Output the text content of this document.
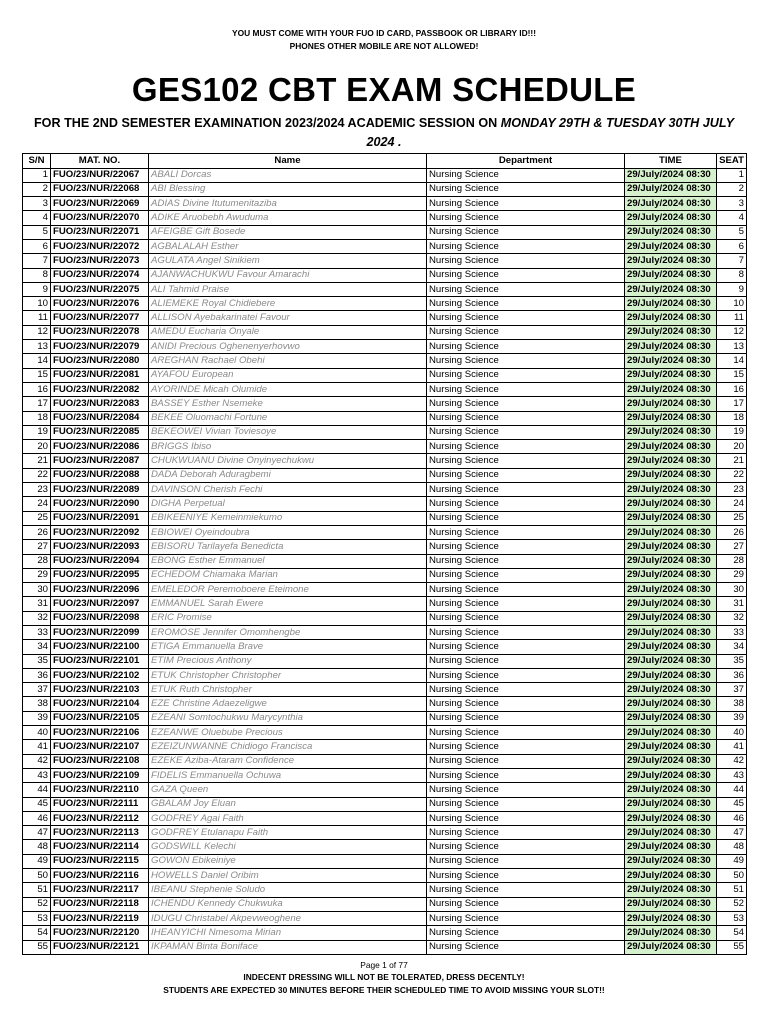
YOU MUST COME WITH YOUR FUO ID CARD, PASSBOOK OR LIBRARY ID!!!
PHONES OTHER MOBILE ARE NOT ALLOWED!
GES102 CBT EXAM SCHEDULE
FOR THE 2ND SEMESTER EXAMINATION 2023/2024 ACADEMIC SESSION ON MONDAY 29TH & TUESDAY 30TH JULY 2024 .
S/N	MAT. NO.	Name	Department	TIME	SEAT
1	FUO/23/NUR/22067	ABALI Dorcas	Nursing Science	29/July/2024 08:30	1
2	FUO/23/NUR/22068	ABI Blessing	Nursing Science	29/July/2024 08:30	2
3	FUO/23/NUR/22069	ADIAS Divine Itutumenitaziba	Nursing Science	29/July/2024 08:30	3
4	FUO/23/NUR/22070	ADIKE Aruobebh Awuduma	Nursing Science	29/July/2024 08:30	4
5	FUO/23/NUR/22071	AFEIGBE Gift Bosede	Nursing Science	29/July/2024 08:30	5
6	FUO/23/NUR/22072	AGBALALAH Esther	Nursing Science	29/July/2024 08:30	6
7	FUO/23/NUR/22073	AGULATA Angel Sinikiem	Nursing Science	29/July/2024 08:30	7
8	FUO/23/NUR/22074	AJANWACHUKWU Favour Amarachi	Nursing Science	29/July/2024 08:30	8
9	FUO/23/NUR/22075	ALI Tahmid Praise	Nursing Science	29/July/2024 08:30	9
10	FUO/23/NUR/22076	ALIEMEKE Royal Chidiebere	Nursing Science	29/July/2024 08:30	10
11	FUO/23/NUR/22077	ALLISON Ayebakarinatei Favour	Nursing Science	29/July/2024 08:30	11
12	FUO/23/NUR/22078	AMEDU Eucharia Onyale	Nursing Science	29/July/2024 08:30	12
13	FUO/23/NUR/22079	ANIDI Precious Oghenenyerhovwo	Nursing Science	29/July/2024 08:30	13
14	FUO/23/NUR/22080	AREGHAN Rachael Obehi	Nursing Science	29/July/2024 08:30	14
15	FUO/23/NUR/22081	AYAFOU European	Nursing Science	29/July/2024 08:30	15
16	FUO/23/NUR/22082	AYORINDE Micah Olumide	Nursing Science	29/July/2024 08:30	16
17	FUO/23/NUR/22083	BASSEY Esther Nsemeke	Nursing Science	29/July/2024 08:30	17
18	FUO/23/NUR/22084	BEKEE Oluomachi Fortune	Nursing Science	29/July/2024 08:30	18
19	FUO/23/NUR/22085	BEKEOWEI Vivian Toviesoye	Nursing Science	29/July/2024 08:30	19
20	FUO/23/NUR/22086	BRIGGS Ibiso	Nursing Science	29/July/2024 08:30	20
21	FUO/23/NUR/22087	CHUKWUANU Divine Onyinyechukwu	Nursing Science	29/July/2024 08:30	21
22	FUO/23/NUR/22088	DADA Deborah Aduragbemi	Nursing Science	29/July/2024 08:30	22
23	FUO/23/NUR/22089	DAVINSON Cherish Fechi	Nursing Science	29/July/2024 08:30	23
24	FUO/23/NUR/22090	DIGHA Perpetual	Nursing Science	29/July/2024 08:30	24
25	FUO/23/NUR/22091	EBIKEENIYE Kemeinmiekumo	Nursing Science	29/July/2024 08:30	25
26	FUO/23/NUR/22092	EBIOWEI Oyeindoubra	Nursing Science	29/July/2024 08:30	26
27	FUO/23/NUR/22093	EBISORU Tarilayefa Benedicta	Nursing Science	29/July/2024 08:30	27
28	FUO/23/NUR/22094	EBONG Esther Emmanuel	Nursing Science	29/July/2024 08:30	28
29	FUO/23/NUR/22095	ECHEDOM Chiamaka Marian	Nursing Science	29/July/2024 08:30	29
30	FUO/23/NUR/22096	EMELEDOR Peremoboere Eteimone	Nursing Science	29/July/2024 08:30	30
31	FUO/23/NUR/22097	EMMANUEL Sarah Ewere	Nursing Science	29/July/2024 08:30	31
32	FUO/23/NUR/22098	ERIC Promise	Nursing Science	29/July/2024 08:30	32
33	FUO/23/NUR/22099	EROMOSE Jennifer Omomhengbe	Nursing Science	29/July/2024 08:30	33
34	FUO/23/NUR/22100	ETIGA Emmanuella Brave	Nursing Science	29/July/2024 08:30	34
35	FUO/23/NUR/22101	ETIM Precious Anthony	Nursing Science	29/July/2024 08:30	35
36	FUO/23/NUR/22102	ETUK Christopher Christopher	Nursing Science	29/July/2024 08:30	36
37	FUO/23/NUR/22103	ETUK Ruth Christopher	Nursing Science	29/July/2024 08:30	37
38	FUO/23/NUR/22104	EZE Christine Adaezeligwe	Nursing Science	29/July/2024 08:30	38
39	FUO/23/NUR/22105	EZEANI Somtochukwu Marycynthia	Nursing Science	29/July/2024 08:30	39
40	FUO/23/NUR/22106	EZEANWE Oluebube Precious	Nursing Science	29/July/2024 08:30	40
41	FUO/23/NUR/22107	EZEIZUNWANNE Chidiogo Francisca	Nursing Science	29/July/2024 08:30	41
42	FUO/23/NUR/22108	EZEKE Aziba-Ataram Confidence	Nursing Science	29/July/2024 08:30	42
43	FUO/23/NUR/22109	FIDELIS Emmanuella Ochuwa	Nursing Science	29/July/2024 08:30	43
44	FUO/23/NUR/22110	GAZA Queen	Nursing Science	29/July/2024 08:30	44
45	FUO/23/NUR/22111	GBALAM Joy Eluan	Nursing Science	29/July/2024 08:30	45
46	FUO/23/NUR/22112	GODFREY Agai Faith	Nursing Science	29/July/2024 08:30	46
47	FUO/23/NUR/22113	GODFREY Etulanapu Faith	Nursing Science	29/July/2024 08:30	47
48	FUO/23/NUR/22114	GODSWILL Kelechi	Nursing Science	29/July/2024 08:30	48
49	FUO/23/NUR/22115	GOWON Ebikeiniye	Nursing Science	29/July/2024 08:30	49
50	FUO/23/NUR/22116	HOWELLS Daniel Oribim	Nursing Science	29/July/2024 08:30	50
51	FUO/23/NUR/22117	IBEANU Stephenie Soludo	Nursing Science	29/July/2024 08:30	51
52	FUO/23/NUR/22118	ICHENDU Kennedy Chukwuka	Nursing Science	29/July/2024 08:30	52
53	FUO/23/NUR/22119	IDUGU Christabel Akpevweoghene	Nursing Science	29/July/2024 08:30	53
54	FUO/23/NUR/22120	IHEANYICHI Nmesoma Mirian	Nursing Science	29/July/2024 08:30	54
55	FUO/23/NUR/22121	IKPAMAN Binta Boniface	Nursing Science	29/July/2024 08:30	55
Page 1 of 77
INDECENT DRESSING WILL NOT BE TOLERATED, DRESS DECENTLY!
STUDENTS ARE EXPECTED 30 MINUTES BEFORE THEIR SCHEDULED TIME TO AVOID MISSING YOUR SLOT!!
